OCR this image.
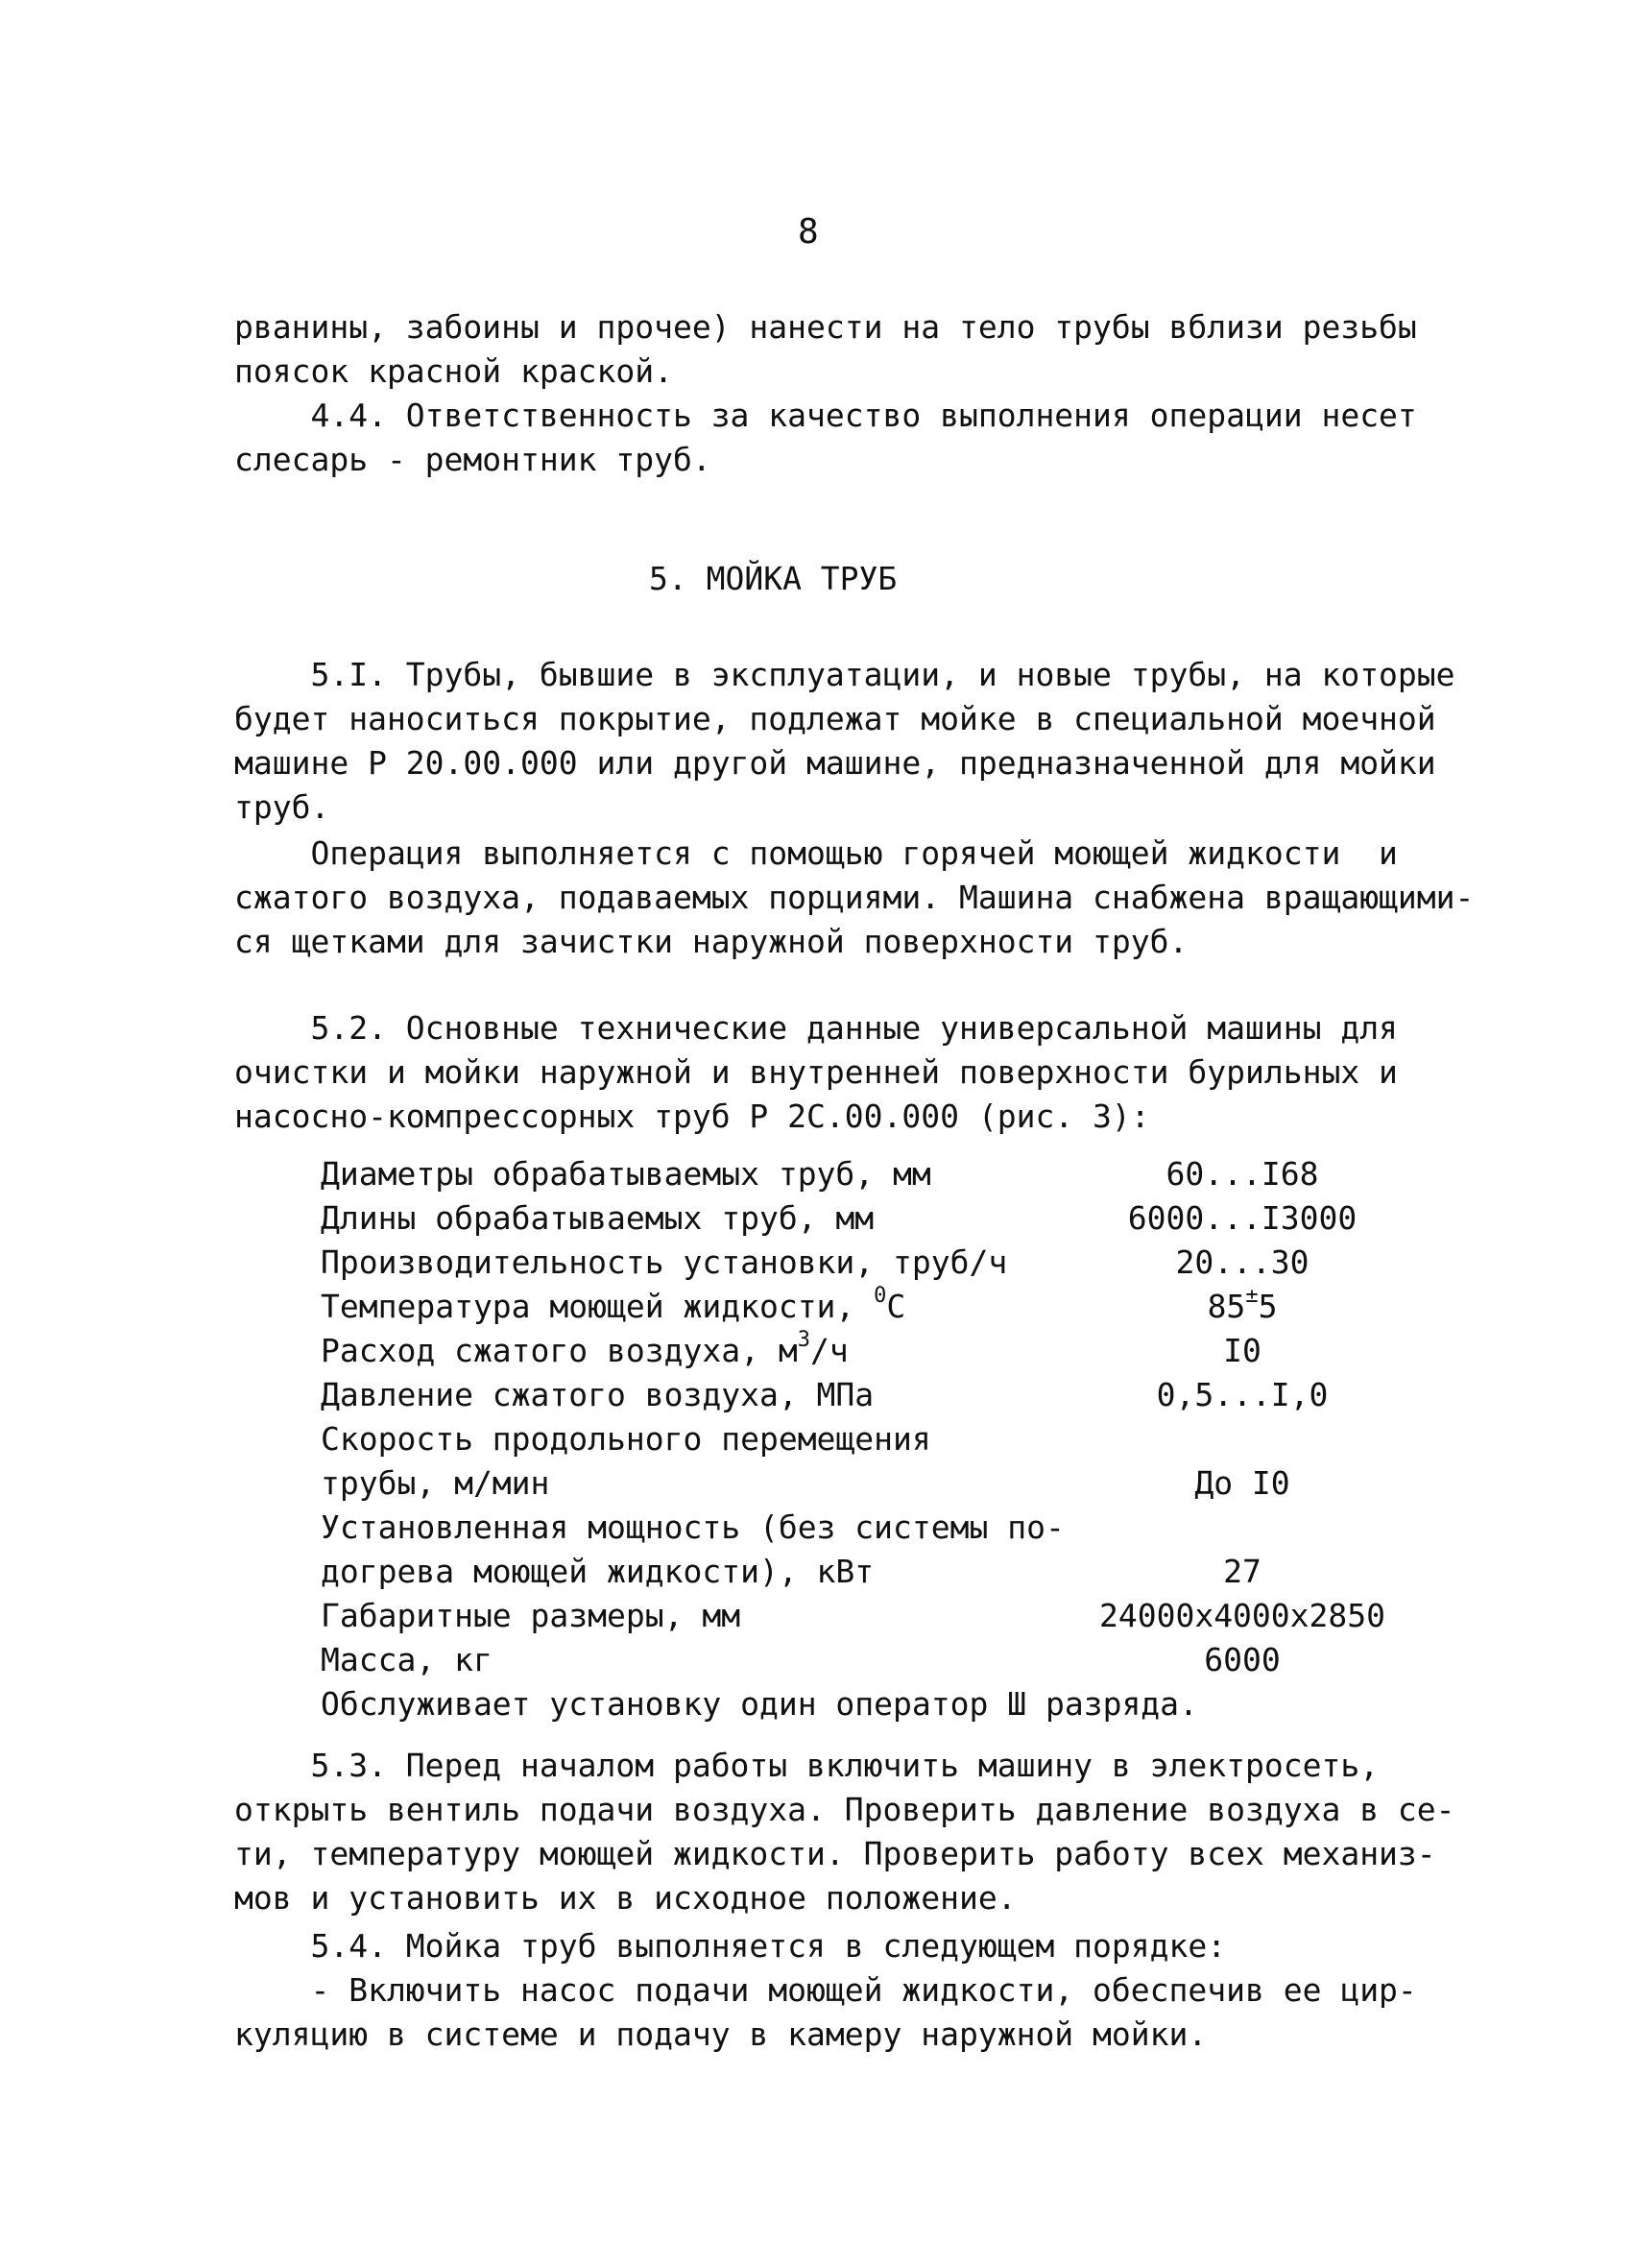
8
рванины, забоины и прочее) нанести на тело трубы вблизи резьбы
поясок красной краской.
4.4. Ответственность за качество выполнения операции несет
слесарь - ремонтник труб.
5. МОЙКА ТРУБ
5.I. Трубы, бывшие в эксплуатации, и новые трубы, на которые
будет наноситься покрытие, подлежат мойке в специальной моечной
машине Р 20.00.000 или другой машине, предназначенной для мойки
труб.
Операция выполняется с помощью горячей моющей жидкости  и
сжатого воздуха, подаваемых порциями. Машина снабжена вращающими-
ся щетками для зачистки наружной поверхности труб.
5.2. Основные технические данные универсальной машины для
очистки и мойки наружной и внутренней поверхности бурильных и
насосно-компрессорных труб Р 2С.00.000 (рис. 3):

Диаметры обрабатываемых труб, мм

	60...I68

Длины обрабатываемых труб, мм

	6000...I3000

Производительность установки, труб/ч

	20...30

Температура моющей жидкости, $^0$С

	85±5

Расход сжатого воздуха, $м^3/ч$

	I0

Давление сжатого воздуха, МПа

	0,5...I,0

Скорость продольного перемещения

трубы, м/мин

	До I0

Установленная мощность (без системы по-

догрева моющей жидкости), кВт

	27

Габаритные размеры, мм

	24000x4000x2850

Масса, кг

	6000

Обслуживает установку один оператор Ш разряда.

5.3. Перед началом работы включить машину в электросеть,
открыть вентиль подачи воздуха. Проверить давление воздуха в се-
ти, температуру моющей жидкости. Проверить работу всех механиз-
мов и установить их в исходное положение.
5.4. Мойка труб выполняется в следующем порядке:
- Включить насос подачи моющей жидкости, обеспечив ее цир-
куляцию в системе и подачу в камеру наружной мойки.
